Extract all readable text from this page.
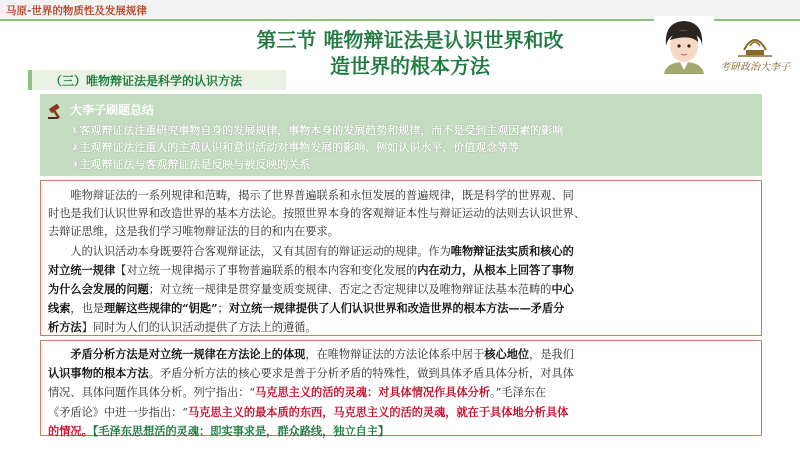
马原-世界的物质性及发展规律
第三节 唯物辩证法是认识世界和改
造世界的根本方法
（三）唯物辩证法是科学的认识方法
考研政治大李子
大李子刷题总结
①客观辩证法注重研究事物自身的发展规律，事物本身的发展趋势和规律，而不是受到主观因素的影响
②主观辩证法注重人的主观认识和意识活动对事物发展的影响、例如认识水平、价值观念等等
③主观辩证法与客观辩证法是反映与被反映的关系
　　唯物辩证法的一系列规律和范畴，揭示了世界普遍联系和永恒发展的普遍规律，既是科学的世界观、同
时也是我们认识世界和改造世界的基本方法论。按照世界本身的客观辩证本性与辩证运动的法则去认识世界、
去辩证思维，这是我们学习唯物辩证法的目的和内在要求。
　　人的认识活动本身既要符合客观辩证法，又有其固有的辩证运动的规律。作为唯物辩证法实质和核心的
对立统一规律【对立统一规律揭示了事物普遍联系的根本内容和变化发展的内在动力，从根本上回答了事物
为什么会发展的问题；对立统一规律是贯穿量变质变规律、否定之否定规律以及唯物辩证法基本范畴的中心
线索，也是理解这些规律的“钥匙”；对立统一规律提供了人们认识世界和改造世界的根本方法——矛盾分
析方法】同时为人们的认识活动提供了方法上的遵循。
　　矛盾分析方法是对立统一规律在方法论上的体现，在唯物辩证法的方法论体系中居于核心地位，是我们
认识事物的根本方法。矛盾分析方法的核心要求是善于分析矛盾的特殊性，做到具体矛盾具体分析，对具体
情况、具体问题作具体分析。列宁指出：“马克思主义的活的灵魂：对具体情况作具体分析。”毛泽东在
《矛盾论》中进一步指出：“马克思主义的最本质的东西，马克思主义的活的灵魂，就在于具体地分析具体
的情况。【毛泽东思想活的灵魂：即实事求是，群众路线，独立自主】
